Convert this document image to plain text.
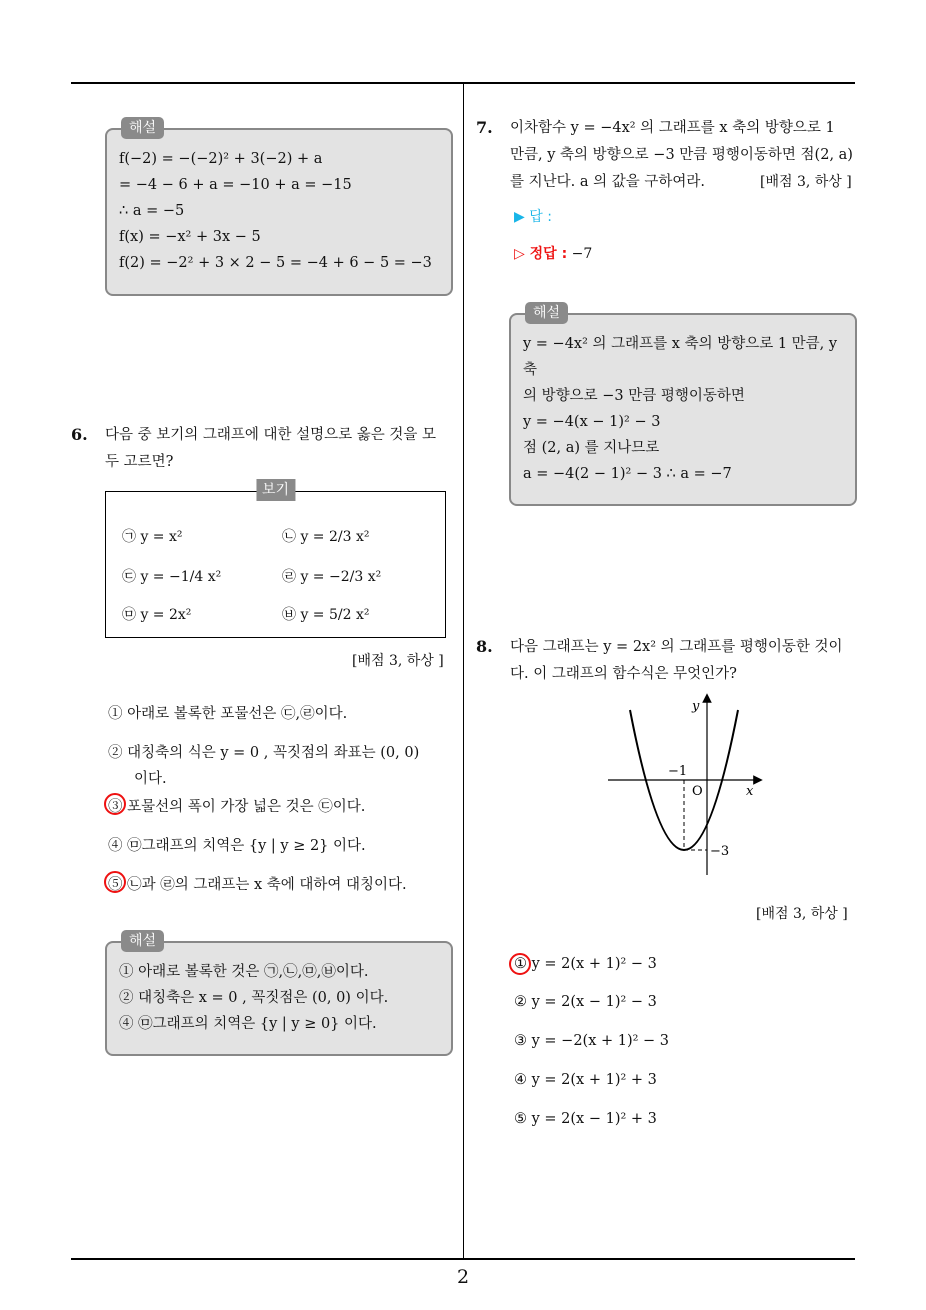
2
해설
f(−2) = −(−2)² + 3(−2) + a
= −4 − 6 + a = −10 + a = −15
∴ a = −5
f(x) = −x² + 3x − 5
f(2) = −2² + 3 × 2 − 5 = −4 + 6 − 5 = −3
6. 다음 중 보기의 그래프에 대한 설명으로 옳은 것을 모
두 고르면?
보기
㉠ y = x²	㉡ y = 2/3 x²
㉢ y = −1/4 x²	㉣ y = −2/3 x²
㉤ y = 2x²	㉥ y = 5/2 x²
[배점 3, 하상 ]
① 아래로 볼록한 포물선은 ㉢,㉣이다.
② 대칭축의 식은 y = 0 , 꼭짓점의 좌표는 (0, 0)
이다.
③ 포물선의 폭이 가장 넓은 것은 ㉢이다.
④ ㉤그래프의 치역은 {y | y ≥ 2} 이다.
⑤ ㉡과 ㉣의 그래프는 x 축에 대하여 대칭이다.
해설
① 아래로 볼록한 것은 ㉠,㉡,㉤,㉥이다.
② 대칭축은 x = 0 , 꼭짓점은 (0, 0) 이다.
④ ㉤그래프의 치역은 {y | y ≥ 0} 이다.
7. 이차함수 y = −4x² 의 그래프를 x 축의 방향으로 1
만큼, y 축의 방향으로 −3 만큼 평행이동하면 점(2, a)
를 지난다. a 의 값을 구하여라.	[배점 3, 하상 ]
▶ 답 :
▷ 정답 : −7
해설
y = −4x² 의 그래프를 x 축의 방향으로 1 만큼, y
축
의 방향으로 −3 만큼 평행이동하면
y = −4(x − 1)² − 3
점 (2, a) 를 지나므로
a = −4(2 − 1)² − 3 ∴ a = −7
8. 다음 그래프는 y = 2x² 의 그래프를 평행이동한 것이
다. 이 그래프의 함수식은 무엇인가?
y
x
O
−1
−3
[배점 3, 하상 ]
① y = 2(x + 1)² − 3
② y = 2(x − 1)² − 3
③ y = −2(x + 1)² − 3
④ y = 2(x + 1)² + 3
⑤ y = 2(x − 1)² + 3
